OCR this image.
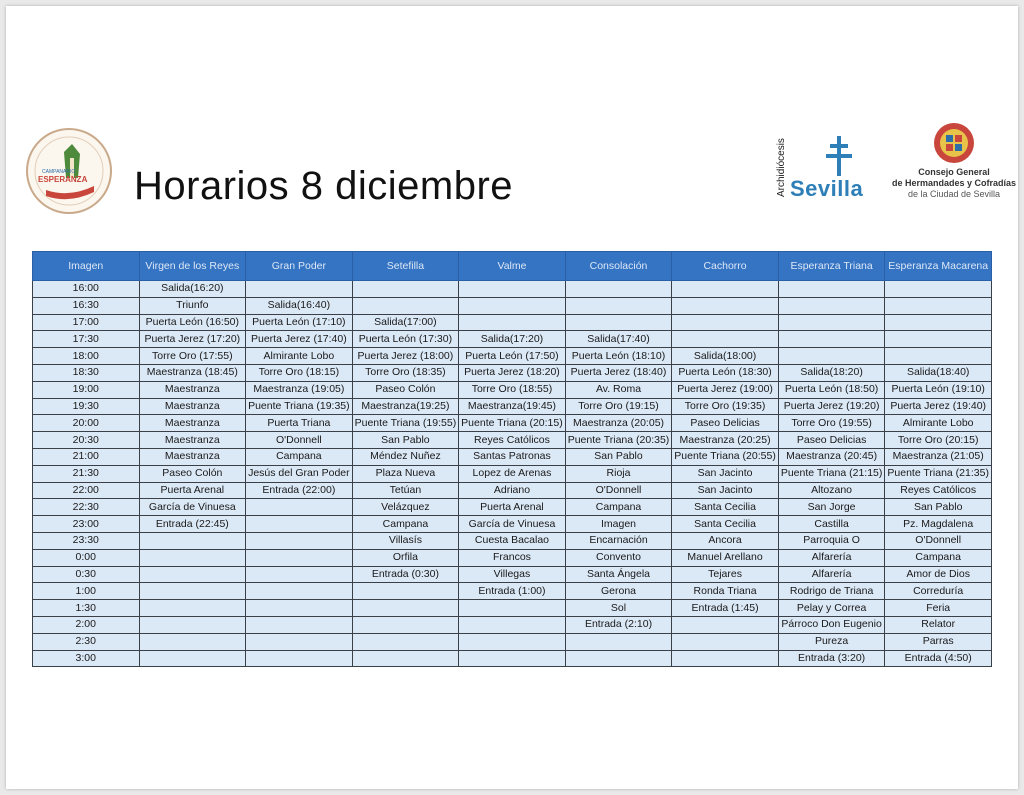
CAMPANARIO
ESPERANZA Horarios 8 diciembre	Archidiócesis Sevilla
Consejo General
de Hermandades y Cofradías
de la Ciudad de Sevilla
Imagen	Virgen de los Reyes	Gran Poder	Setefilla	Valme	Consolación	Cachorro	Esperanza Triana	Esperanza Macarena
16:00	Salida(16:20)							
16:30	Triunfo	Salida(16:40)						
17:00	Puerta León (16:50)	Puerta León (17:10)	Salida(17:00)					
17:30	Puerta Jerez (17:20)	Puerta Jerez (17:40)	Puerta León (17:30)	Salida(17:20)	Salida(17:40)			
18:00	Torre Oro (17:55)	Almirante Lobo	Puerta Jerez (18:00)	Puerta León (17:50)	Puerta León (18:10)	Salida(18:00)		
18:30	Maestranza (18:45)	Torre Oro (18:15)	Torre Oro (18:35)	Puerta Jerez (18:20)	Puerta Jerez (18:40)	Puerta León (18:30)	Salida(18:20)	Salida(18:40)
19:00	Maestranza	Maestranza (19:05)	Paseo Colón	Torre Oro (18:55)	Av. Roma	Puerta Jerez (19:00)	Puerta León (18:50)	Puerta León (19:10)
19:30	Maestranza	Puente Triana (19:35)	Maestranza(19:25)	Maestranza(19:45)	Torre Oro (19:15)	Torre Oro (19:35)	Puerta Jerez (19:20)	Puerta Jerez (19:40)
20:00	Maestranza	Puerta Triana	Puente Triana (19:55)	Puente Triana (20:15)	Maestranza (20:05)	Paseo Delicias	Torre Oro (19:55)	Almirante Lobo
20:30	Maestranza	O'Donnell	San Pablo	Reyes Católicos	Puente Triana (20:35)	Maestranza (20:25)	Paseo Delicias	Torre Oro (20:15)
21:00	Maestranza	Campana	Méndez Nuñez	Santas Patronas	San Pablo	Puente Triana (20:55)	Maestranza (20:45)	Maestranza (21:05)
21:30	Paseo Colón	Jesús del Gran Poder	Plaza Nueva	Lopez de Arenas	Rioja	San Jacinto	Puente Triana (21:15)	Puente Triana (21:35)
22:00	Puerta Arenal	Entrada (22:00)	Tetúan	Adriano	O'Donnell	San Jacinto	Altozano	Reyes Católicos
22:30	García de Vinuesa		Velázquez	Puerta Arenal	Campana	Santa Cecilia	San Jorge	San Pablo
23:00	Entrada (22:45)		Campana	García de Vinuesa	Imagen	Santa Cecilia	Castilla	Pz. Magdalena
23:30			Villasís	Cuesta Bacalao	Encarnación	Ancora	Parroquia O	O'Donnell
0:00			Orfila	Francos	Convento	Manuel Arellano	Alfarería	Campana
0:30			Entrada (0:30)	Villegas	Santa Ángela	Tejares	Alfarería	Amor de Dios
1:00				Entrada (1:00)	Gerona	Ronda Triana	Rodrigo de Triana	Correduría
1:30					Sol	Entrada (1:45)	Pelay y Correa	Feria
2:00					Entrada (2:10)		Párroco Don Eugenio	Relator
2:30							Pureza	Parras
3:00							Entrada (3:20)	Entrada (4:50)
